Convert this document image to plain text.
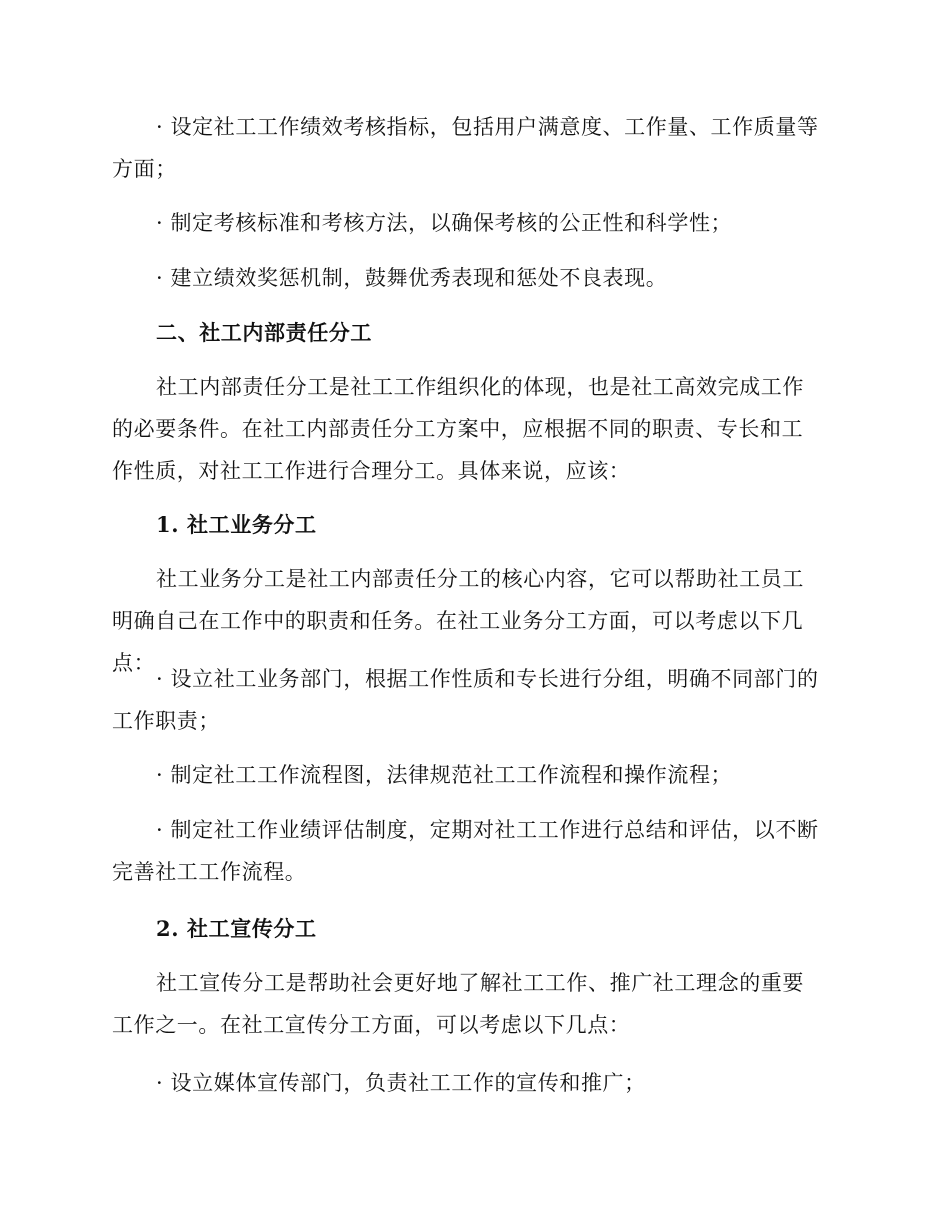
· 设定社工工作绩效考核指标，包括用户满意度、工作量、工作质量等方面；

· 制定考核标准和考核方法，以确保考核的公正性和科学性；

· 建立绩效奖惩机制，鼓舞优秀表现和惩处不良表现。

二、社工内部责任分工

社工内部责任分工是社工工作组织化的体现，也是社工高效完成工作的必要条件。在社工内部责任分工方案中，应根据不同的职责、专长和工作性质，对社工工作进行合理分工。具体来说，应该：

1. 社工业务分工

社工业务分工是社工内部责任分工的核心内容，它可以帮助社工员工明确自己在工作中的职责和任务。在社工业务分工方面，可以考虑以下几点：

· 设立社工业务部门，根据工作性质和专长进行分组，明确不同部门的工作职责；

· 制定社工工作流程图，法律规范社工工作流程和操作流程；

· 制定社工作业绩评估制度，定期对社工工作进行总结和评估，以不断完善社工工作流程。

2. 社工宣传分工

社工宣传分工是帮助社会更好地了解社工工作、推广社工理念的重要工作之一。在社工宣传分工方面，可以考虑以下几点：

· 设立媒体宣传部门，负责社工工作的宣传和推广；
